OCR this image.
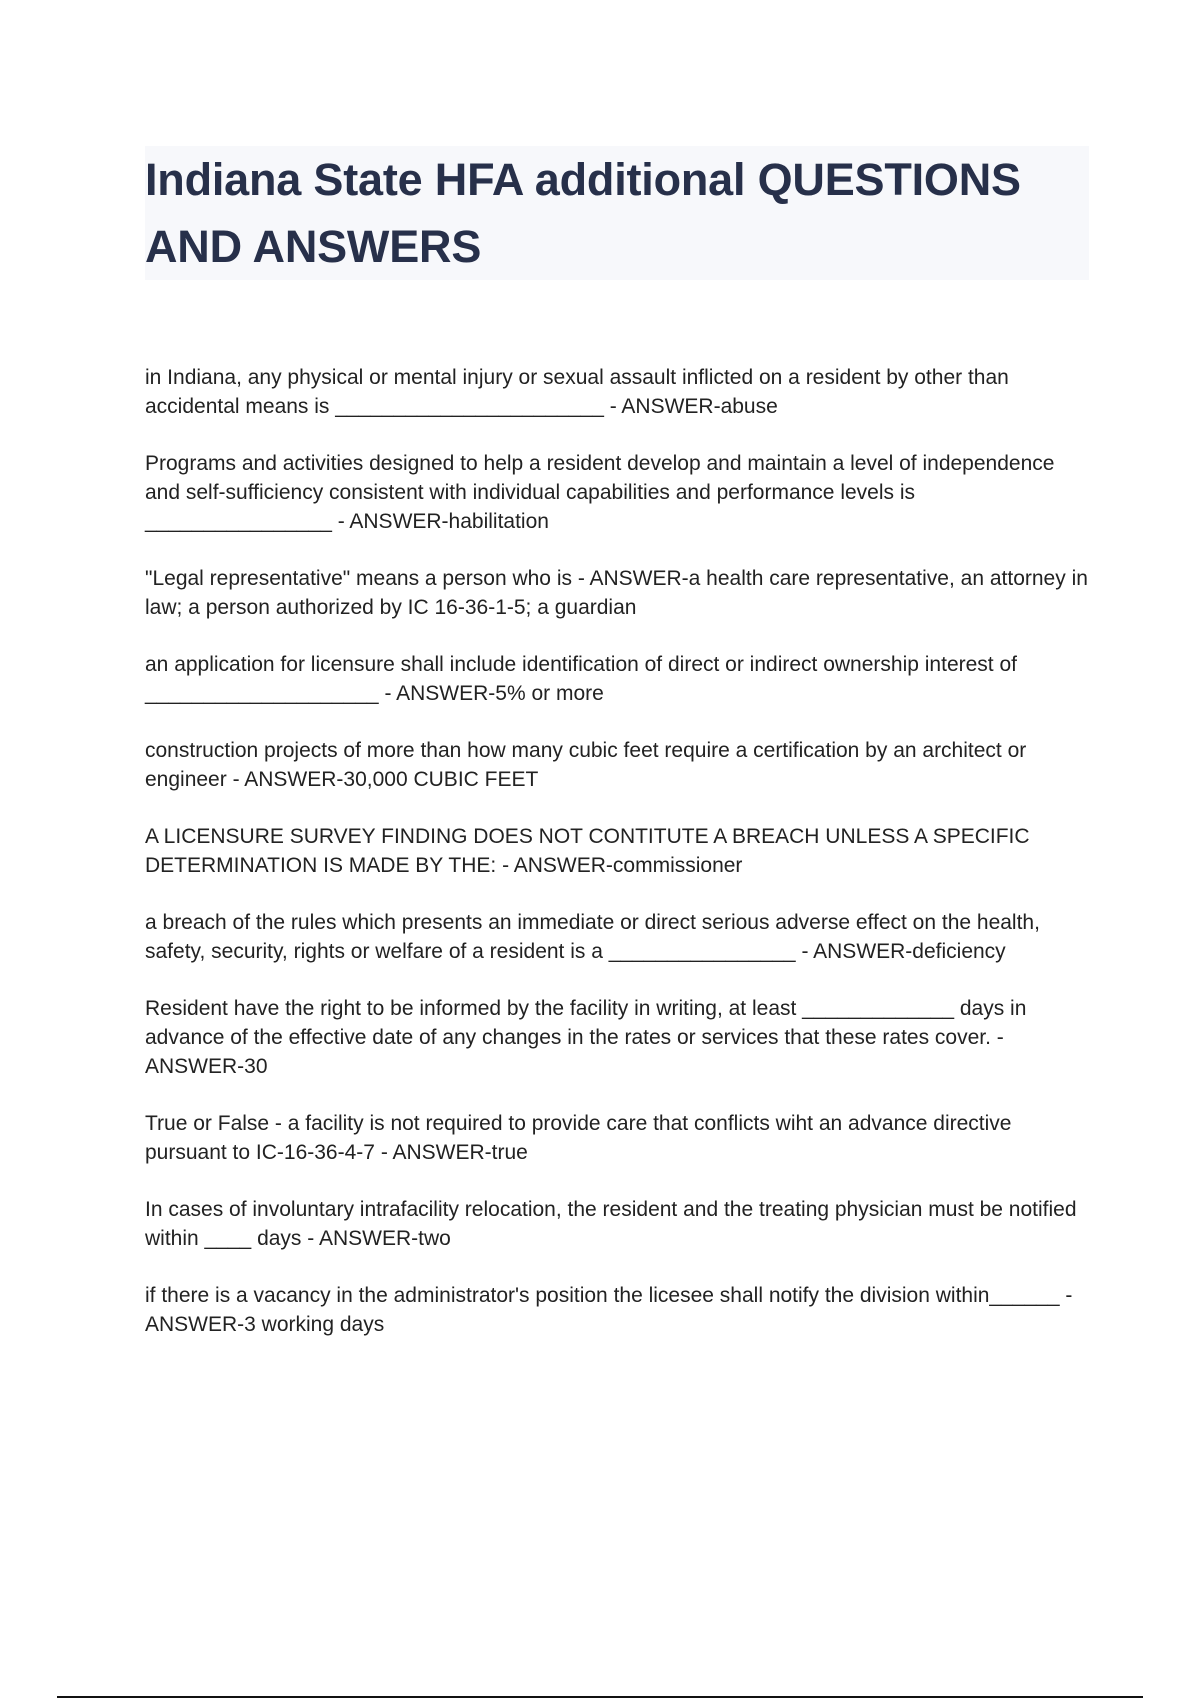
Indiana State HFA additional QUESTIONS AND ANSWERS
in Indiana, any physical or mental injury or sexual assault inflicted on a resident by other than accidental means is _______________________ - ANSWER-abuse
Programs and activities designed to help a resident develop and maintain a level of independence and self-sufficiency consistent with individual capabilities and performance levels is ________________ - ANSWER-habilitation
"Legal representative" means a person who is - ANSWER-a health care representative, an attorney in law; a person authorized by IC 16-36-1-5; a guardian
an application for licensure shall include identification of direct or indirect ownership interest of ____________________ - ANSWER-5% or more
construction projects of more than how many cubic feet require a certification by an architect or engineer - ANSWER-30,000 CUBIC FEET
A LICENSURE SURVEY FINDING DOES NOT CONTITUTE A BREACH UNLESS A SPECIFIC DETERMINATION IS MADE BY THE: - ANSWER-commissioner
a breach of the rules which presents an immediate or direct serious adverse effect on the health, safety, security, rights or welfare of a resident is a ________________ - ANSWER-deficiency
Resident have the right to be informed by the facility in writing, at least _____________ days in advance of the effective date of any changes in the rates or services that these rates cover. - ANSWER-30
True or False - a facility is not required to provide care that conflicts wiht an advance directive pursuant to IC-16-36-4-7 - ANSWER-true
In cases of involuntary intrafacility relocation, the resident and the treating physician must be notified within ____ days - ANSWER-two
if there is a vacancy in the administrator's position the licesee shall notify the division within______ - ANSWER-3 working days
